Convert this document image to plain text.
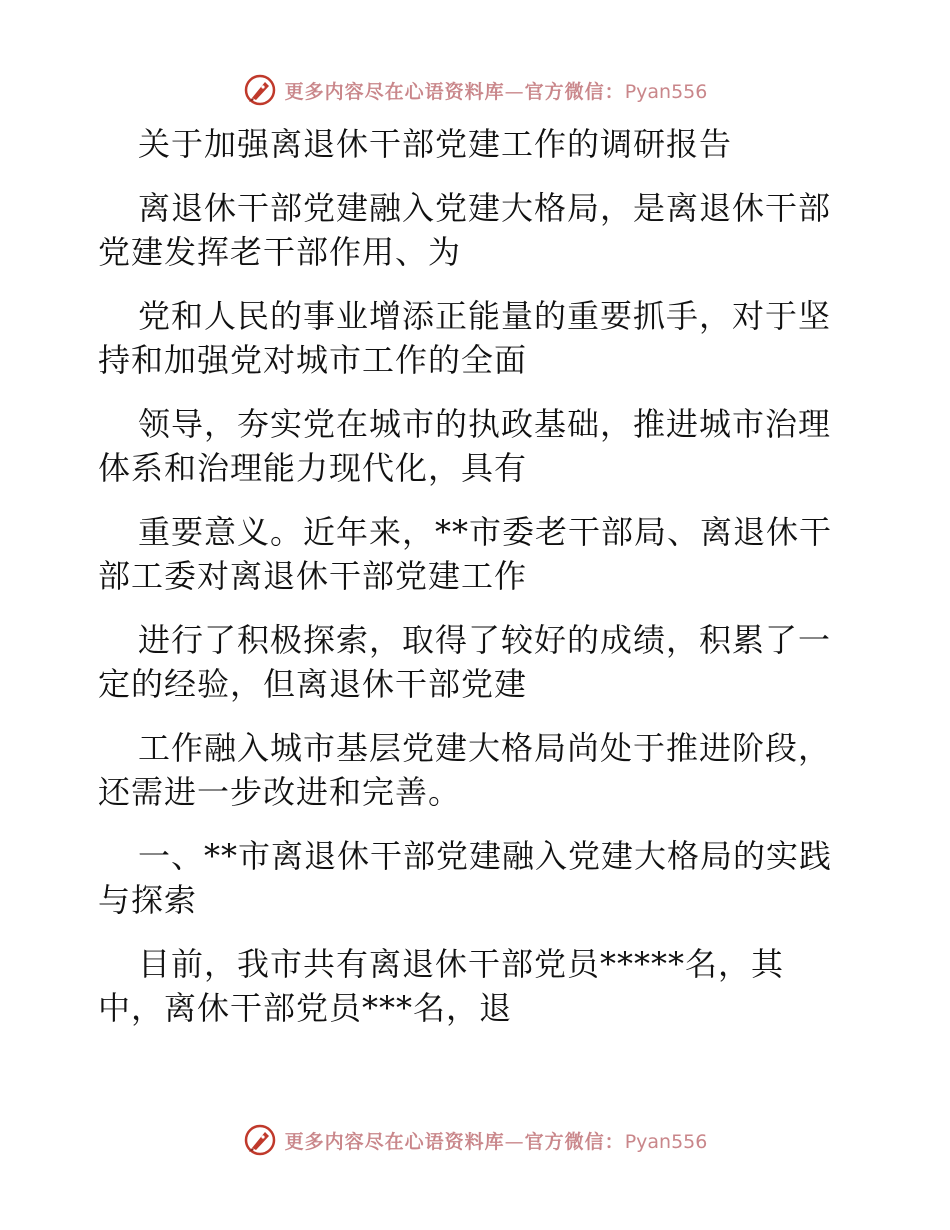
更多内容尽在心语资料库—官方微信：Pyan556
关于加强离退休干部党建工作的调研报告
离退休干部党建融入党建大格局，是离退休干部
党建发挥老干部作用、为
党和人民的事业增添正能量的重要抓手，对于坚
持和加强党对城市工作的全面
领导，夯实党在城市的执政基础，推进城市治理
体系和治理能力现代化，具有
重要意义。近年来，**市委老干部局、离退休干
部工委对离退休干部党建工作
进行了积极探索，取得了较好的成绩，积累了一
定的经验，但离退休干部党建
工作融入城市基层党建大格局尚处于推进阶段，
还需进一步改进和完善。
一、**市离退休干部党建融入党建大格局的实践
与探索
目前，我市共有离退休干部党员*****名，其
中，离休干部党员***名，退
更多内容尽在心语资料库—官方微信：Pyan556
